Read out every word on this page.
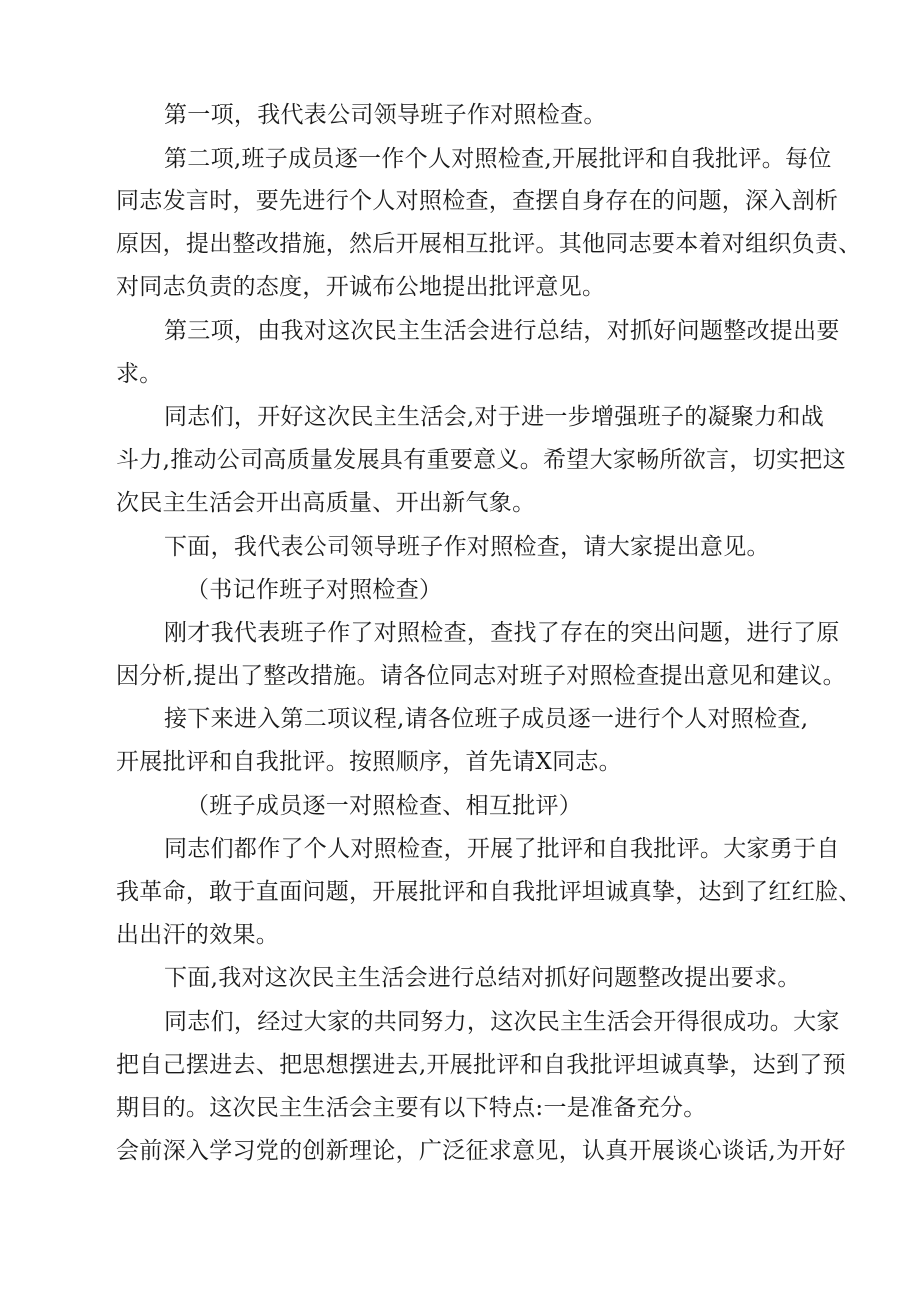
第一项，我代表公司领导班子作对照检查。
第二项,班子成员逐一作个人对照检查,开展批评和自我批评。每位
同志发言时，要先进行个人对照检查，查摆自身存在的问题，深入剖析
原因，提出整改措施，然后开展相互批评。其他同志要本着对组织负责、
对同志负责的态度，开诚布公地提出批评意见。
第三项，由我对这次民主生活会进行总结，对抓好问题整改提出要
求。
同志们，开好这次民主生活会,对于进一步增强班子的凝聚力和战
斗力,推动公司高质量发展具有重要意义。希望大家畅所欲言，切实把这
次民主生活会开出高质量、开出新气象。
下面，我代表公司领导班子作对照检查，请大家提出意见。
（书记作班子对照检查）
刚才我代表班子作了对照检查，查找了存在的突出问题，进行了原
因分析,提出了整改措施。请各位同志对班子对照检查提出意见和建议。
接下来进入第二项议程,请各位班子成员逐一进行个人对照检查,
开展批评和自我批评。按照顺序，首先请X同志。
（班子成员逐一对照检查、相互批评）
同志们都作了个人对照检查，开展了批评和自我批评。大家勇于自
我革命，敢于直面问题，开展批评和自我批评坦诚真挚，达到了红红脸、
出出汗的效果。
下面,我对这次民主生活会进行总结对抓好问题整改提出要求。
同志们，经过大家的共同努力，这次民主生活会开得很成功。大家
把自己摆进去、把思想摆进去,开展批评和自我批评坦诚真挚，达到了预
期目的。这次民主生活会主要有以下特点:一是准备充分。
会前深入学习党的创新理论，广泛征求意见，认真开展谈心谈话,为开好
